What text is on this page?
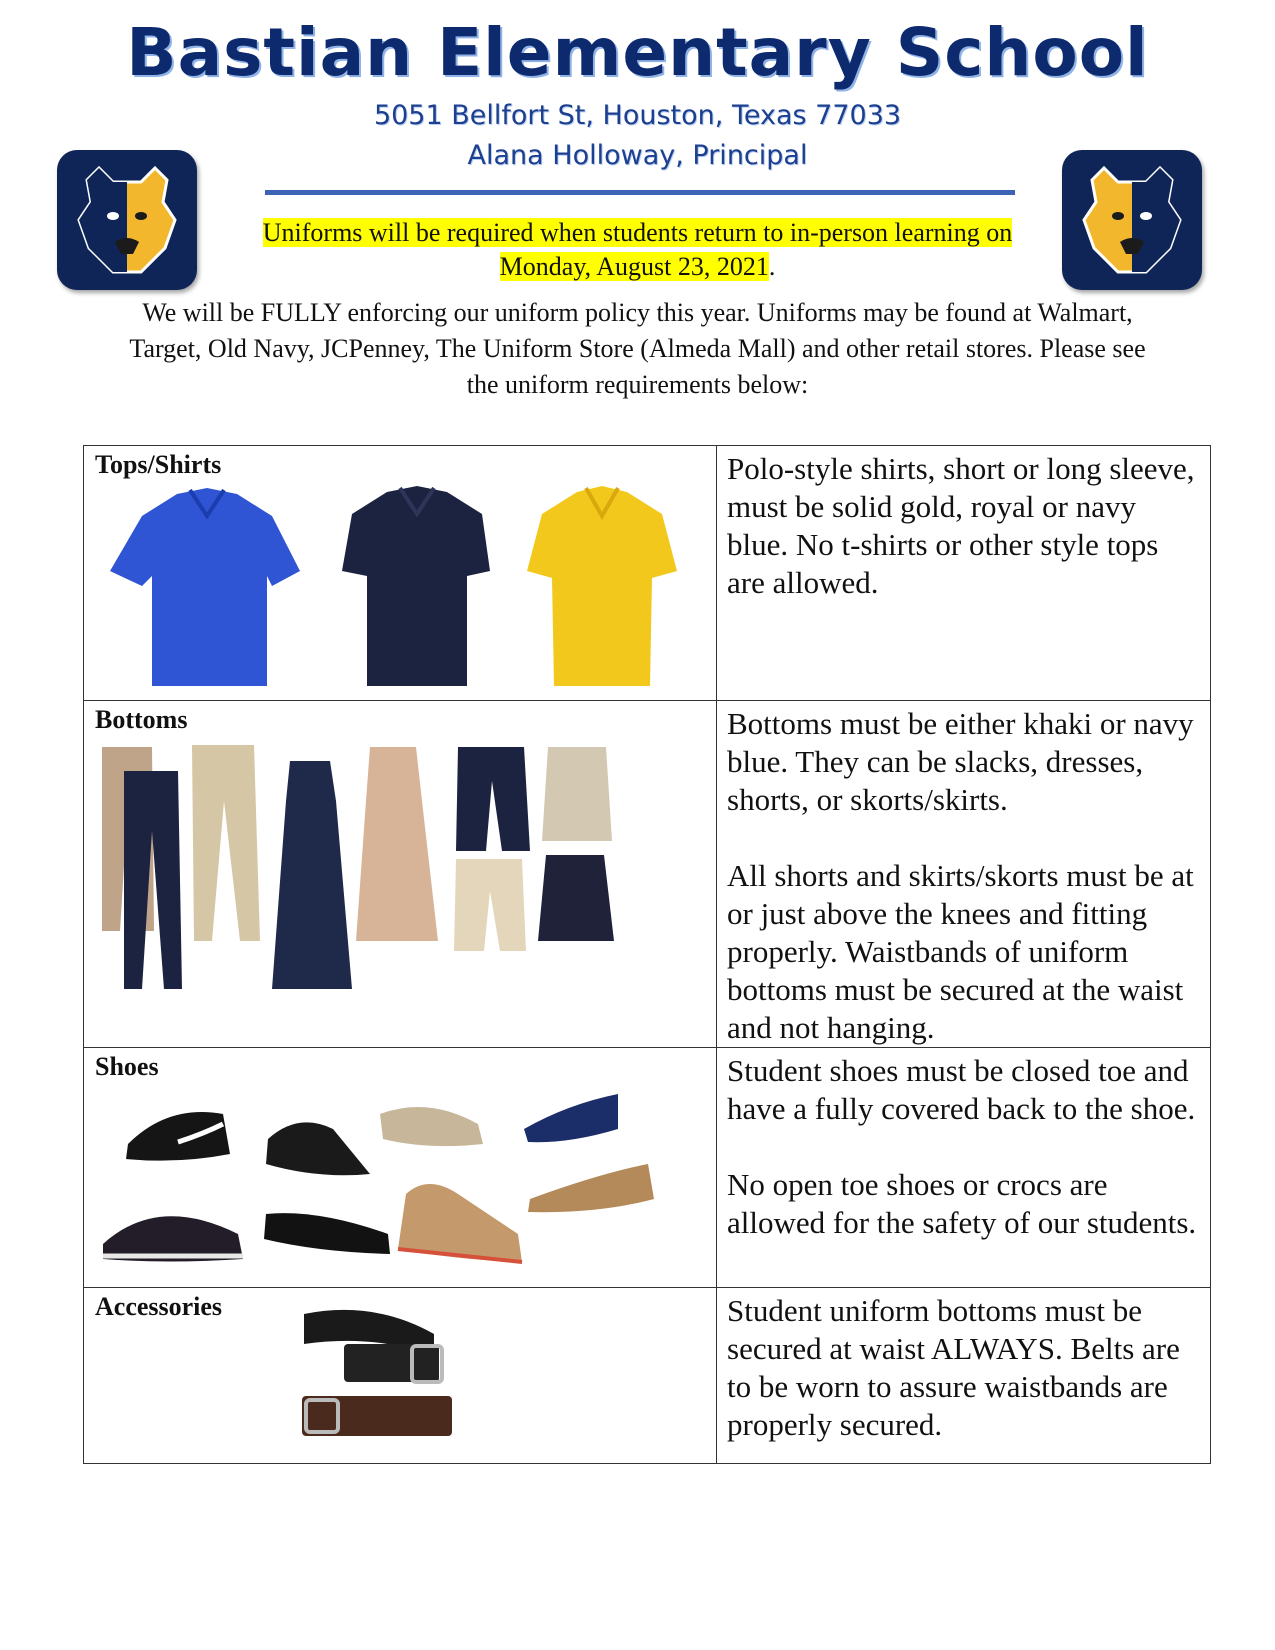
Bastian Elementary School
5051 Bellfort St, Houston, Texas 77033
Alana Holloway, Principal
Uniforms will be required when students return to in-person learning on
Monday, August 23, 2021.
We will be FULLY enforcing our uniform policy this year. Uniforms may be found at Walmart, Target, Old Navy, JCPenney, The Uniform Store (Almeda Mall) and other retail stores. Please see the uniform requirements below:
Tops/Shirts	Polo-style shirts, short or long sleeve, must be solid gold, royal or navy blue. No t-shirts or other style tops are allowed.

Bottoms	Bottoms must be either khaki or navy blue. They can be slacks, dresses, shorts, or skorts/skirts.

All shorts and skirts/skorts must be at or just above the knees and fitting properly. Waistbands of uniform bottoms must be secured at the waist and not hanging.

Shoes	Student shoes must be closed toe and have a fully covered back to the shoe.

No open toe shoes or crocs are allowed for the safety of our students.

Accessories	Student uniform bottoms must be secured at waist ALWAYS. Belts are to be worn to assure waistbands are properly secured.
